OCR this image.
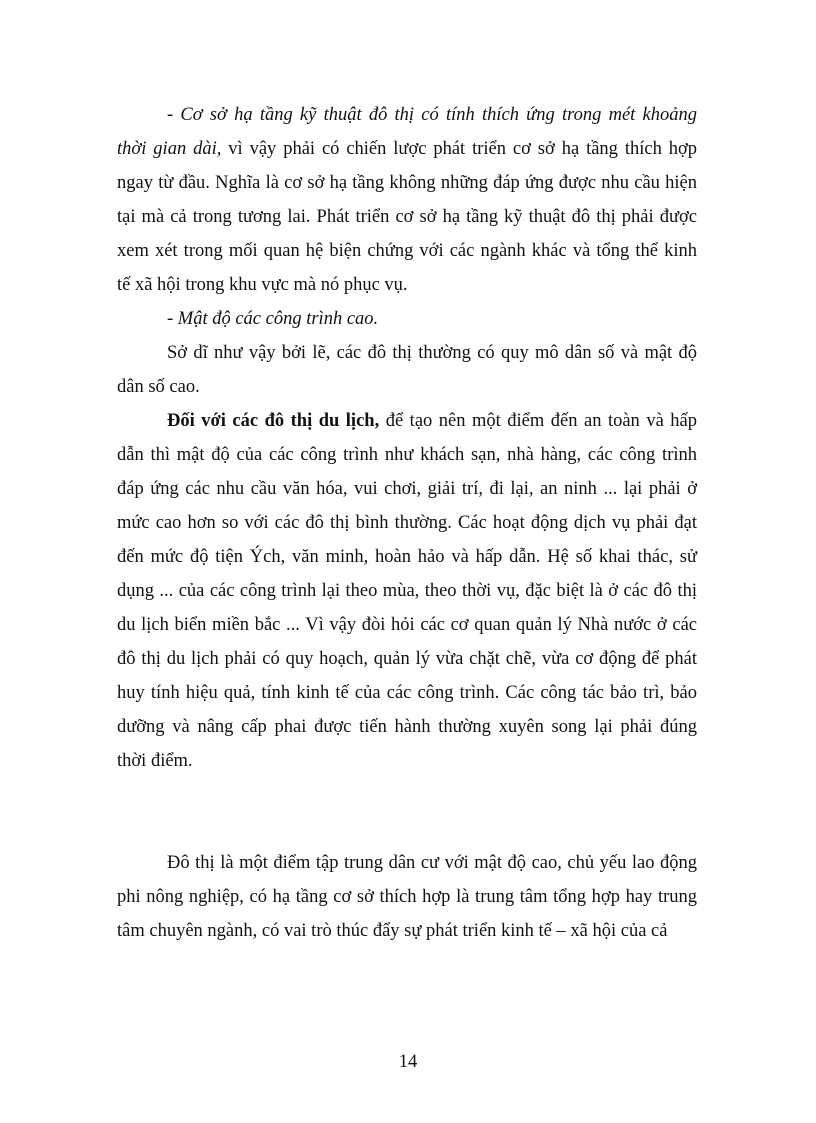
- Cơ sở hạ tầng kỹ thuật đô thị có tính thích ứng trong mét khoảng
thời gian dài, vì vậy phải có chiến lược phát triển cơ sở hạ tầng thích hợp
ngay từ đầu. Nghĩa là cơ sở hạ tầng không những đáp ứng được nhu cầu hiện
tại mà cả trong tương lai. Phát triển cơ sở hạ tầng kỹ thuật đô thị phải được
xem xét trong mối quan hệ biện chứng với các ngành khác và tổng thể kinh
tế xã hội trong khu vực mà nó phục vụ.
- Mật độ các công trình cao.
Sở dĩ như vậy bởi lẽ, các đô thị thường có quy mô dân số và mật độ
dân số cao.
Đối với các đô thị du lịch, để tạo nên một điểm đến an toàn và hấp
dẫn thì mật độ của các công trình như khách sạn, nhà hàng, các công trình
đáp ứng các nhu cầu văn hóa, vui chơi, giải trí, đi lại, an ninh ... lại phải ở
mức cao hơn so với các đô thị bình thường. Các hoạt động dịch vụ phải đạt
đến mức độ tiện Ých, văn minh, hoàn hảo và hấp dẫn. Hệ số khai thác, sử
dụng ... của các công trình lại theo mùa, theo thời vụ, đặc biệt là ở các đô thị
du lịch biển miền bắc ... Vì vậy đòi hỏi các cơ quan quản lý Nhà nước ở các
đô thị du lịch phải có quy hoạch, quản lý vừa chặt chẽ, vừa cơ động để phát
huy tính hiệu quả, tính kinh tế của các công trình. Các công tác bảo trì, bảo
dưỡng và nâng cấp phai được tiến hành thường xuyên song lại phải đúng
thời điểm.
Đô thị là một điểm tập trung dân cư với mật độ cao, chủ yếu lao động
phi nông nghiệp, có hạ tầng cơ sở thích hợp là trung tâm tổng hợp hay trung
tâm chuyên ngành, có vai trò thúc đẩy sự phát triển kinh tế – xã hội của cả
14
